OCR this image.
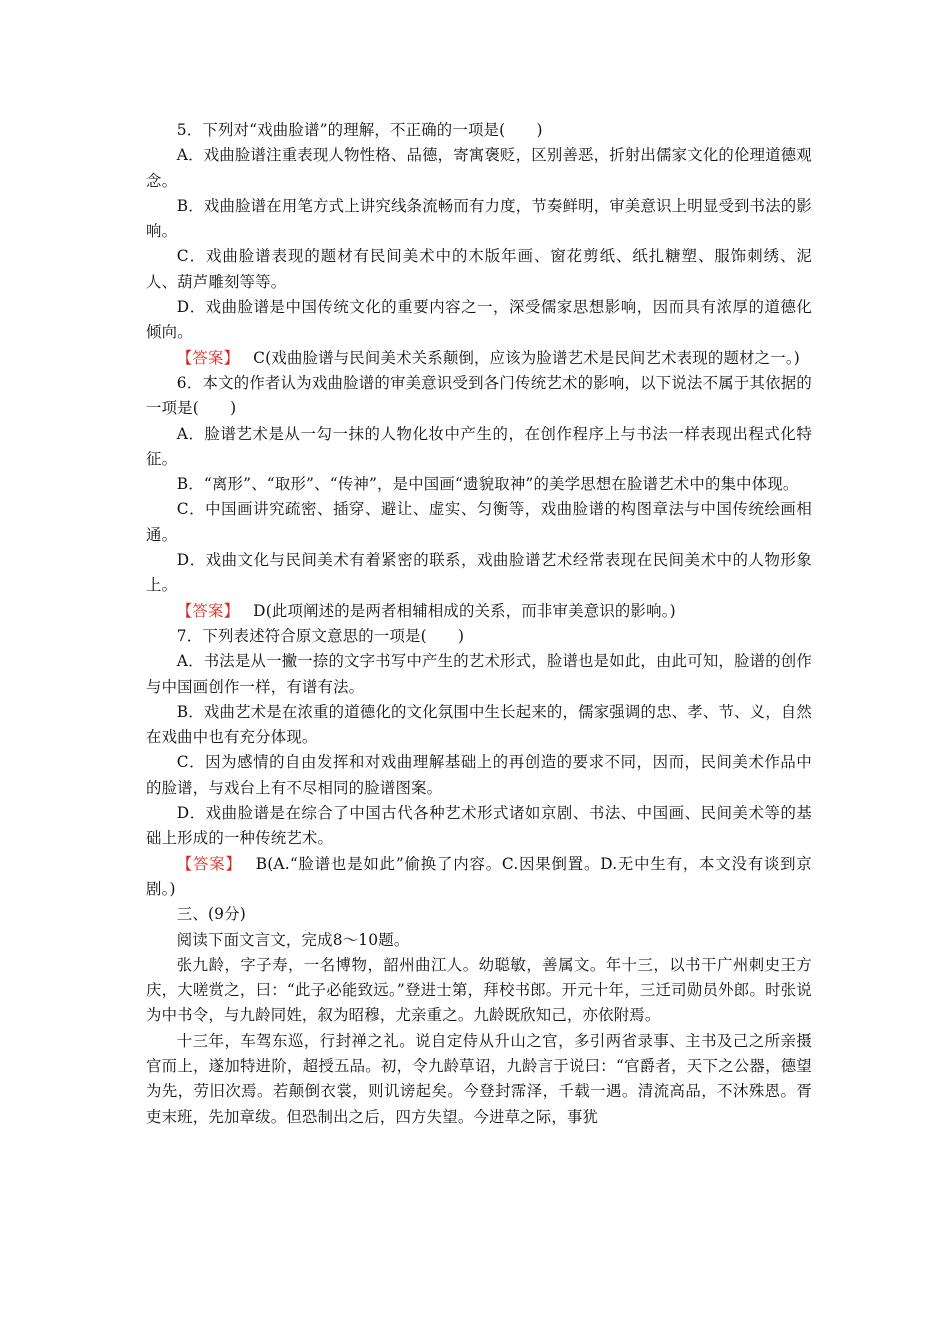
5．下列对“戏曲脸谱”的理解，不正确的一项是(　　)

A．戏曲脸谱注重表现人物性格、品德，寄寓褒贬，区别善恶，折射出儒家文化的伦理道德观念。

B．戏曲脸谱在用笔方式上讲究线条流畅而有力度，节奏鲜明，审美意识上明显受到书法的影响。

C．戏曲脸谱表现的题材有民间美术中的木版年画、窗花剪纸、纸扎糖塑、服饰刺绣、泥人、葫芦雕刻等等。

D．戏曲脸谱是中国传统文化的重要内容之一，深受儒家思想影响，因而具有浓厚的道德化倾向。

【答案】 C(戏曲脸谱与民间美术关系颠倒，应该为脸谱艺术是民间艺术表现的题材之一。)

6．本文的作者认为戏曲脸谱的审美意识受到各门传统艺术的影响，以下说法不属于其依据的一项是(　　)

A．脸谱艺术是从一勾一抹的人物化妆中产生的，在创作程序上与书法一样表现出程式化特征。

B．“离形”、“取形”、“传神”，是中国画“遗貌取神”的美学思想在脸谱艺术中的集中体现。

C．中国画讲究疏密、插穿、避让、虚实、匀衡等，戏曲脸谱的构图章法与中国传统绘画相通。

D．戏曲文化与民间美术有着紧密的联系，戏曲脸谱艺术经常表现在民间美术中的人物形象上。

【答案】 D(此项阐述的是两者相辅相成的关系，而非审美意识的影响。)

7．下列表述符合原文意思的一项是(　　)

A．书法是从一撇一捺的文字书写中产生的艺术形式，脸谱也是如此，由此可知，脸谱的创作与中国画创作一样，有谱有法。

B．戏曲艺术是在浓重的道德化的文化氛围中生长起来的，儒家强调的忠、孝、节、义，自然在戏曲中也有充分体现。

C．因为感情的自由发挥和对戏曲理解基础上的再创造的要求不同，因而，民间美术作品中的脸谱，与戏台上有不尽相同的脸谱图案。

D．戏曲脸谱是在综合了中国古代各种艺术形式诸如京剧、书法、中国画、民间美术等的基础上形成的一种传统艺术。

【答案】 B(A.“脸谱也是如此”偷换了内容。C.因果倒置。D.无中生有，本文没有谈到京剧。)

三、(9分)

阅读下面文言文，完成8～10题。

张九龄，字子寿，一名博物，韶州曲江人。幼聪敏，善属文。年十三，以书干广州刺史王方庆，大嗟赏之，曰：“此子必能致远。”登进士第，拜校书郎。开元十年，三迁司勋员外郎。时张说为中书令，与九龄同姓，叙为昭穆，尤亲重之。九龄既欣知己，亦依附焉。

十三年，车驾东巡，行封禅之礼。说自定侍从升山之官，多引两省录事、主书及己之所亲摄官而上，遂加特进阶，超授五品。初，令九龄草诏，九龄言于说曰：“官爵者，天下之公器，德望为先，劳旧次焉。若颠倒衣裳，则讥谤起矣。今登封霈泽，千载一遇。清流高品，不沐殊恩。胥吏末班，先加章绂。但恐制出之后，四方失望。今进草之际，事犹
